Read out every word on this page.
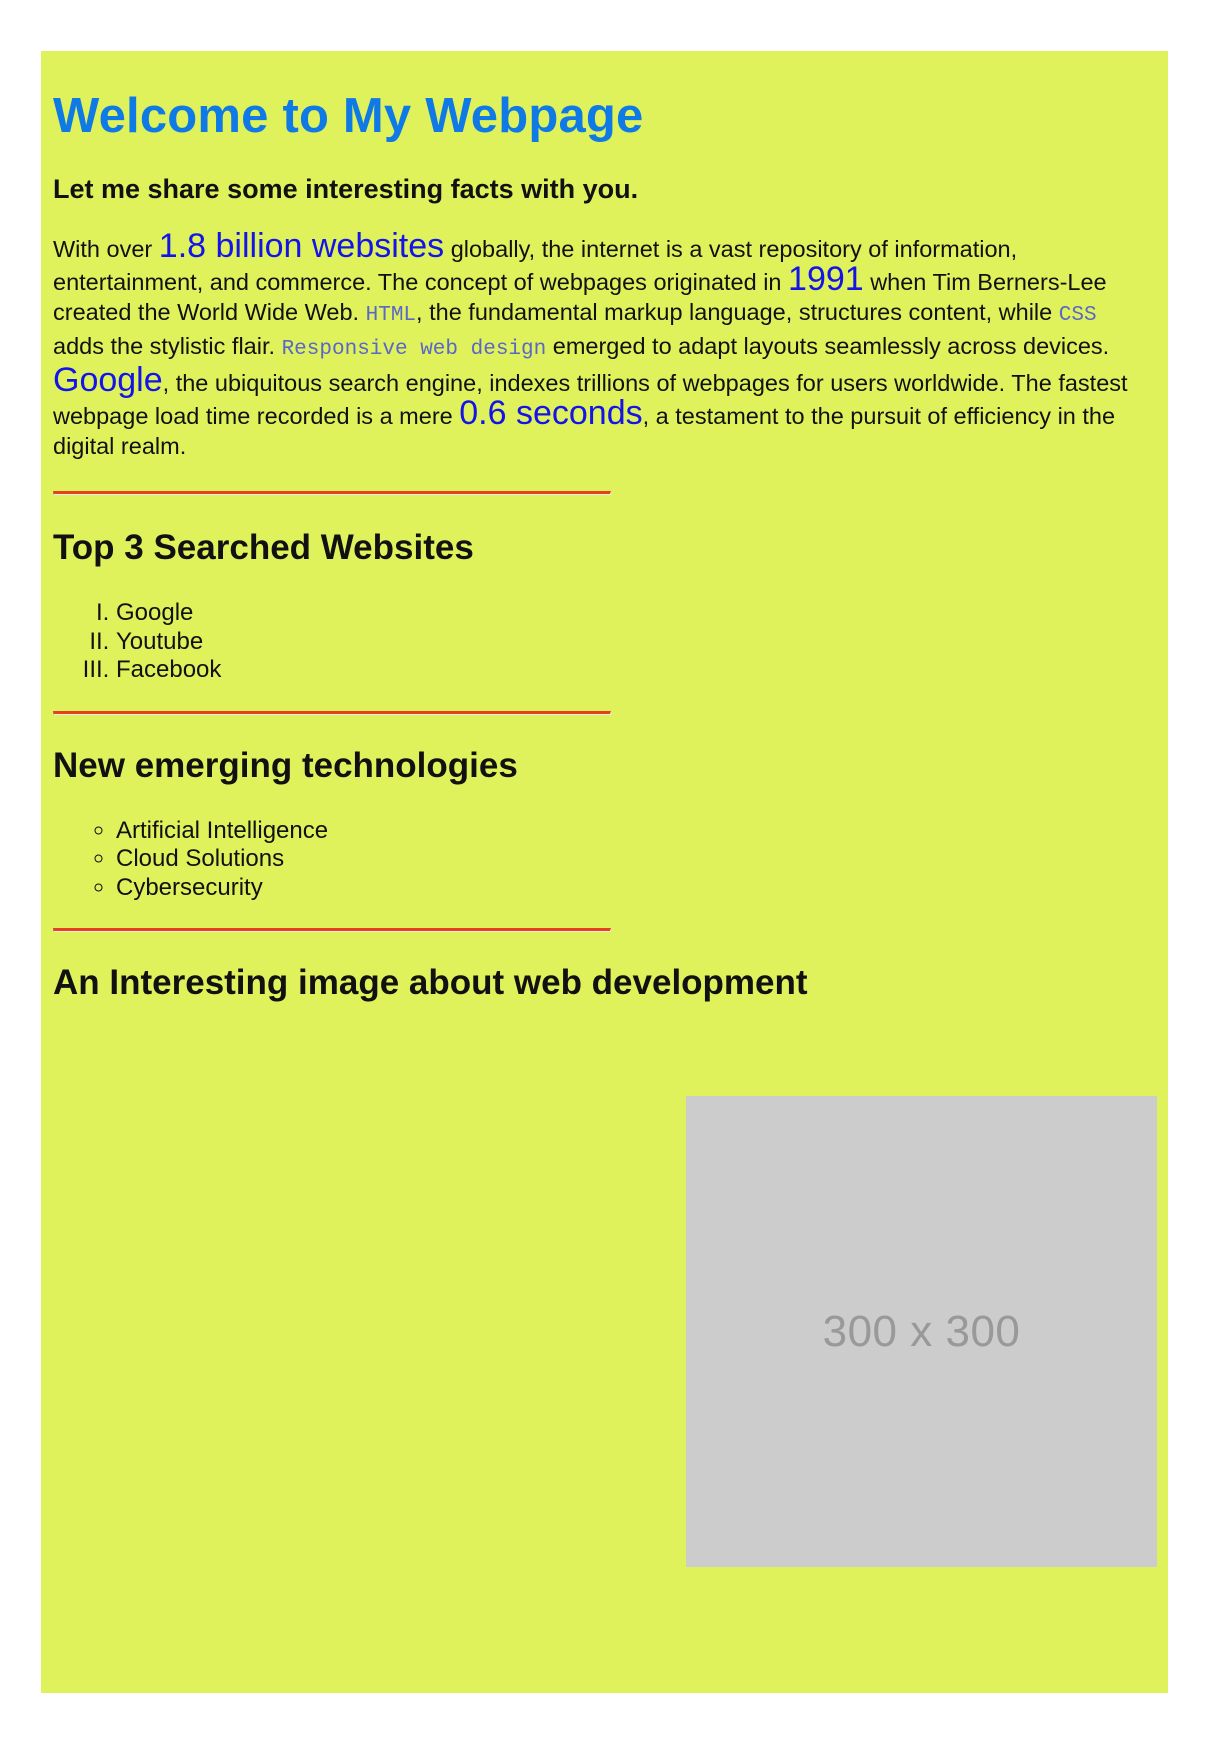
Welcome to My Webpage
Let me share some interesting facts with you.

With over 1.8 billion websites globally, the internet is a vast repository of information, entertainment, and commerce. The concept of webpages originated in 1991 when Tim Berners-Lee created the World Wide Web. HTML, the fundamental markup language, structures content, while CSS adds the stylistic flair. Responsive web design emerged to adapt layouts seamlessly across devices. Google, the ubiquitous search engine, indexes trillions of webpages for users worldwide. The fastest webpage load time recorded is a mere 0.6 seconds, a testament to the pursuit of efficiency in the digital realm.

Top 3 Searched Websites
I. Google
II. Youtube
III. Facebook
New emerging technologies
◦ Artificial Intelligence
◦ Cloud Solutions
◦ Cybersecurity
An Interesting image about web development
300 x 300
